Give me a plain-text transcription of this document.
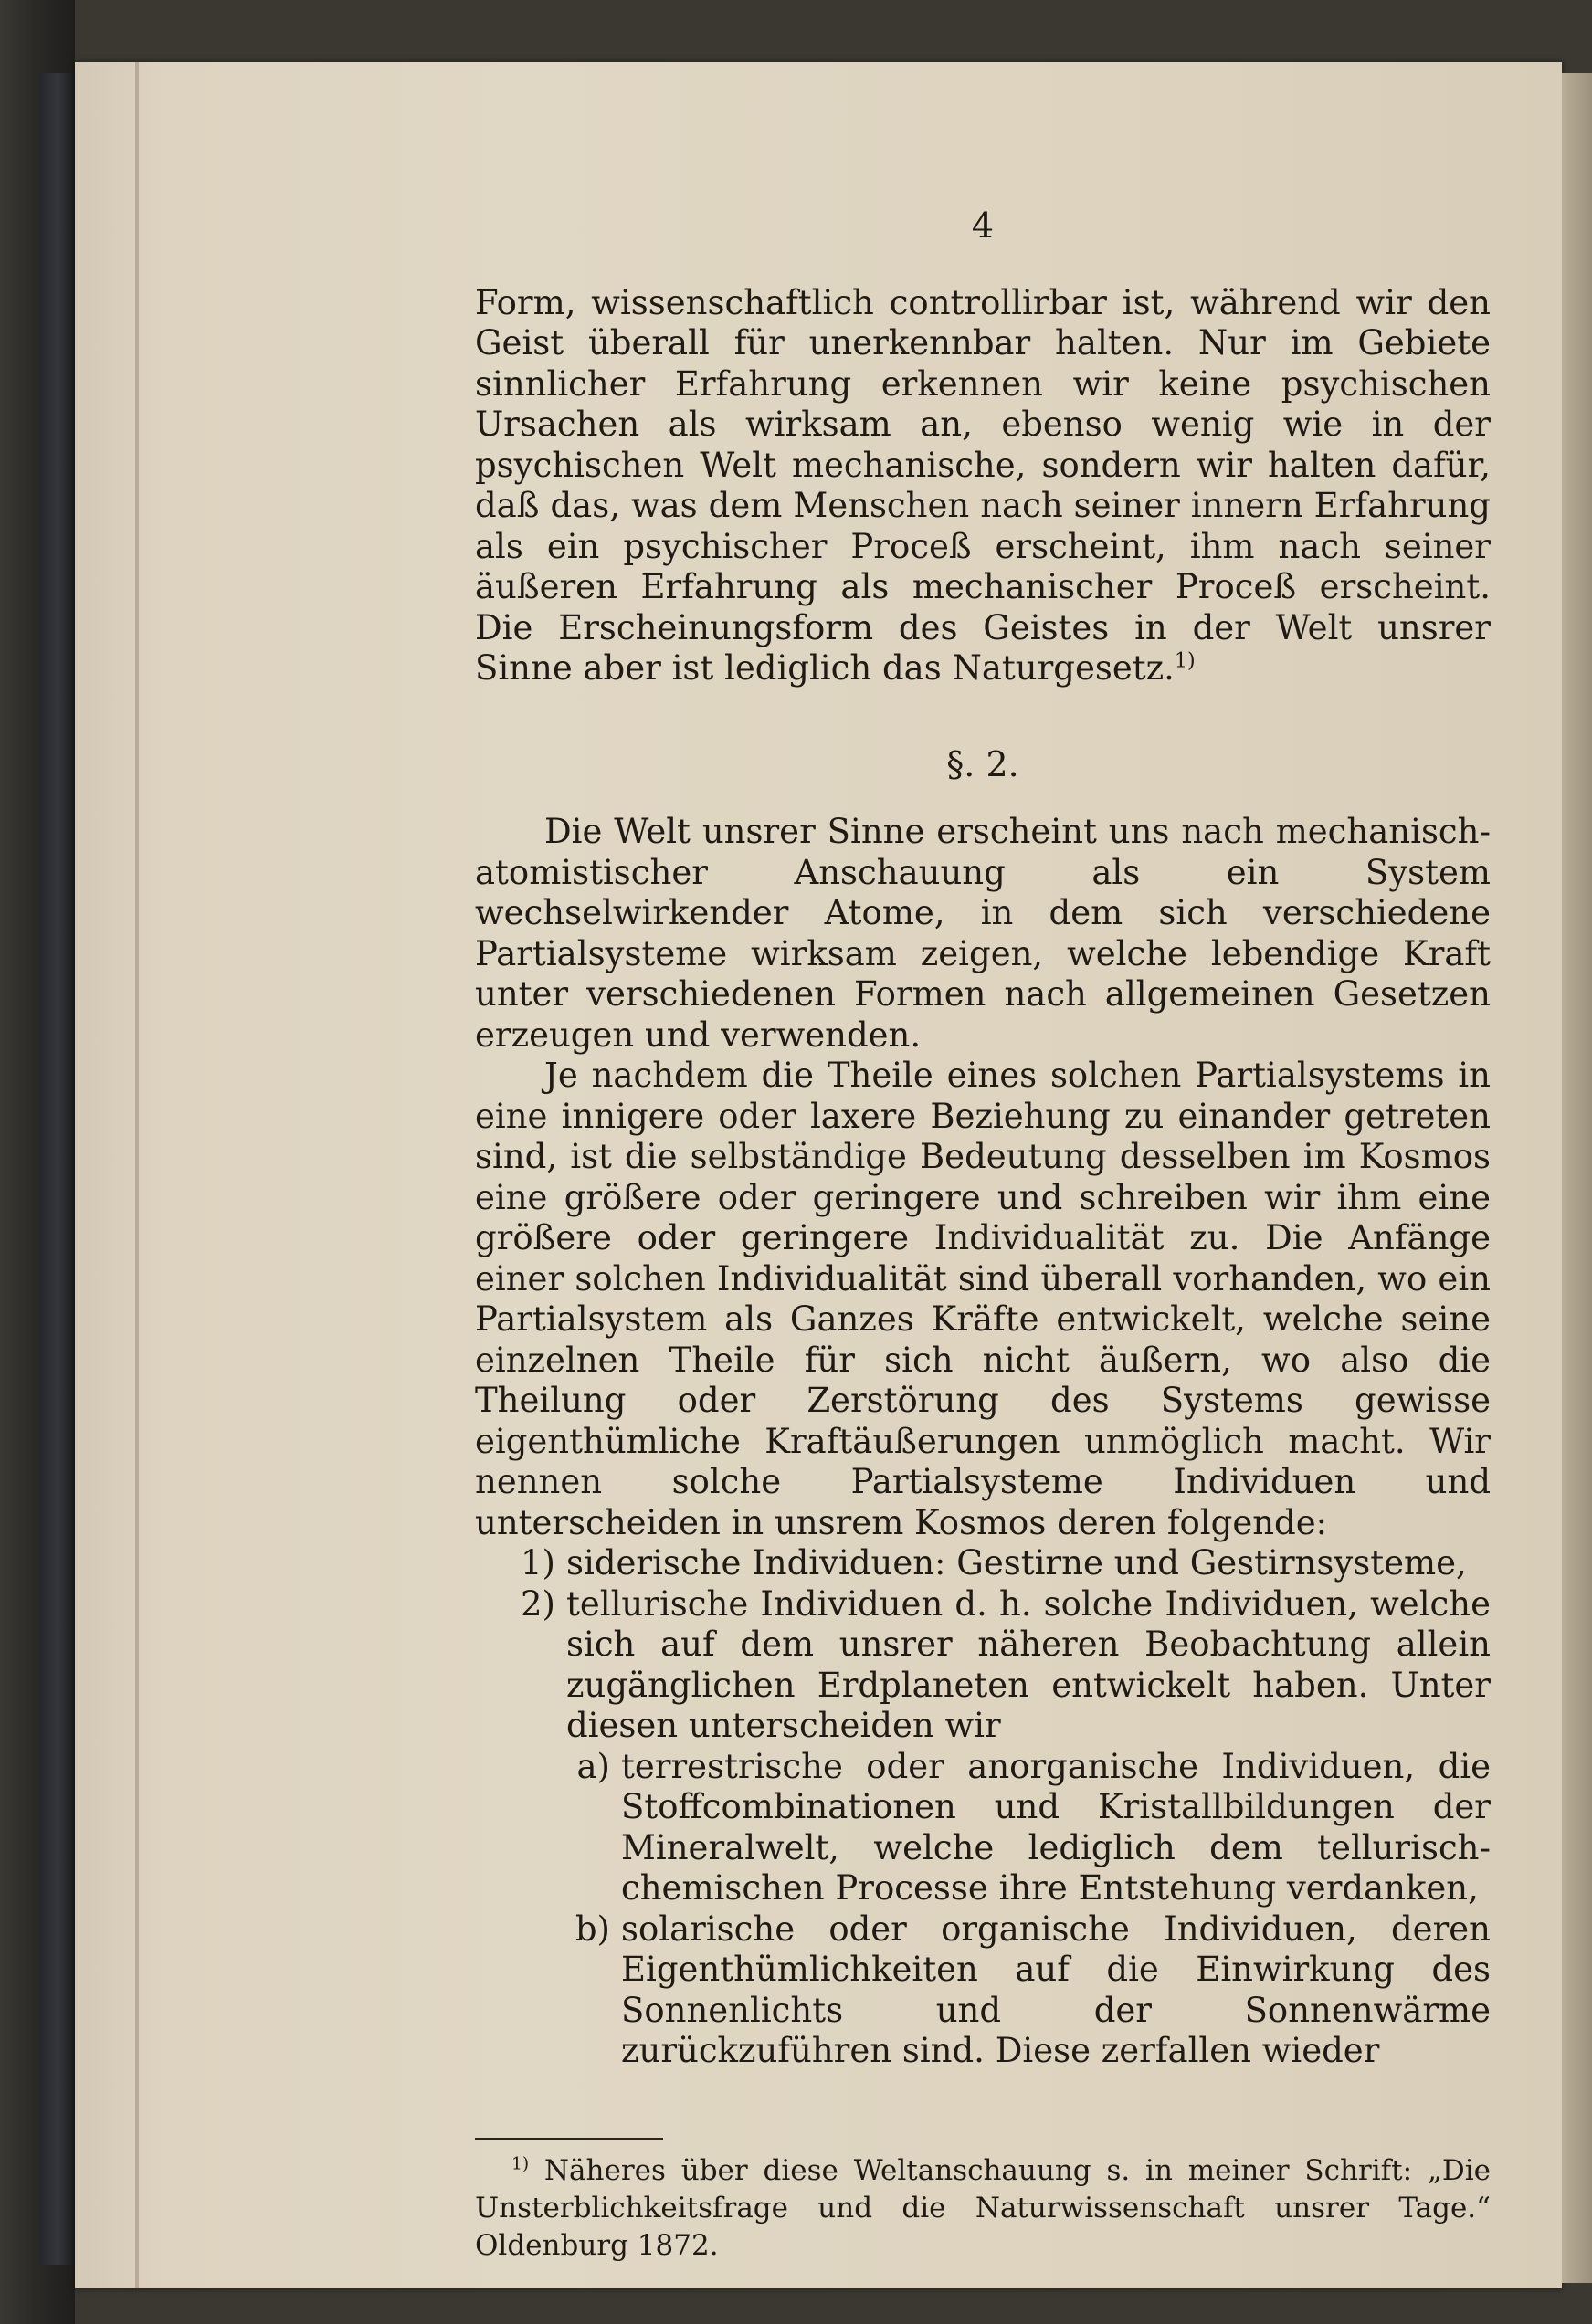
4

Form, wissenschaftlich controllirbar ist, während wir den Geist überall für unerkennbar halten. Nur im Gebiete sinnlicher Erfahrung erkennen wir keine psychischen Ursachen als wirksam an, ebenso wenig wie in der psychischen Welt mechanische, sondern wir halten dafür, daß das, was dem Menschen nach seiner innern Erfahrung als ein psychischer Proceß erscheint, ihm nach seiner äußeren Erfahrung als mechanischer Proceß erscheint. Die Erscheinungsform des Geistes in der Welt unsrer Sinne aber ist lediglich das Naturgesetz.$^{1)}$

§. 2.

Die Welt unsrer Sinne erscheint uns nach mechanisch-atomistischer Anschauung als ein System wechselwirkender Atome, in dem sich verschiedene Partialsysteme wirksam zeigen, welche lebendige Kraft unter verschiedenen Formen nach allgemeinen Gesetzen erzeugen und verwenden.

Je nachdem die Theile eines solchen Partialsystems in eine innigere oder laxere Beziehung zu einander getreten sind, ist die selbständige Bedeutung desselben im Kosmos eine größere oder geringere und schreiben wir ihm eine größere oder geringere Individualität zu. Die Anfänge einer solchen Individualität sind überall vorhanden, wo ein Partialsystem als Ganzes Kräfte entwickelt, welche seine einzelnen Theile für sich nicht äußern, wo also die Theilung oder Zerstörung des Systems gewisse eigenthümliche Kraftäußerungen unmöglich macht. Wir nennen solche Partialsysteme Individuen und unterscheiden in unsrem Kosmos deren folgende:

1) siderische Individuen: Gestirne und Gestirnsysteme,
2) tellurische Individuen d. h. solche Individuen, welche sich auf dem unsrer näheren Beobachtung allein zugänglichen Erdplaneten entwickelt haben. Unter diesen unterscheiden wir
a) terrestrische oder anorganische Individuen, die Stoffcombinationen und Kristallbildungen der Mineralwelt, welche lediglich dem tellurisch-chemischen Processe ihre Entstehung verdanken,
b) solarische oder organische Individuen, deren Eigenthümlichkeiten auf die Einwirkung des Sonnenlichts und der Sonnenwärme zurückzuführen sind. Diese zerfallen wieder

$^{1)}$ Näheres über diese Weltanschauung s. in meiner Schrift: „Die Unsterblichkeitsfrage und die Naturwissenschaft unsrer Tage.“ Oldenburg 1872.
